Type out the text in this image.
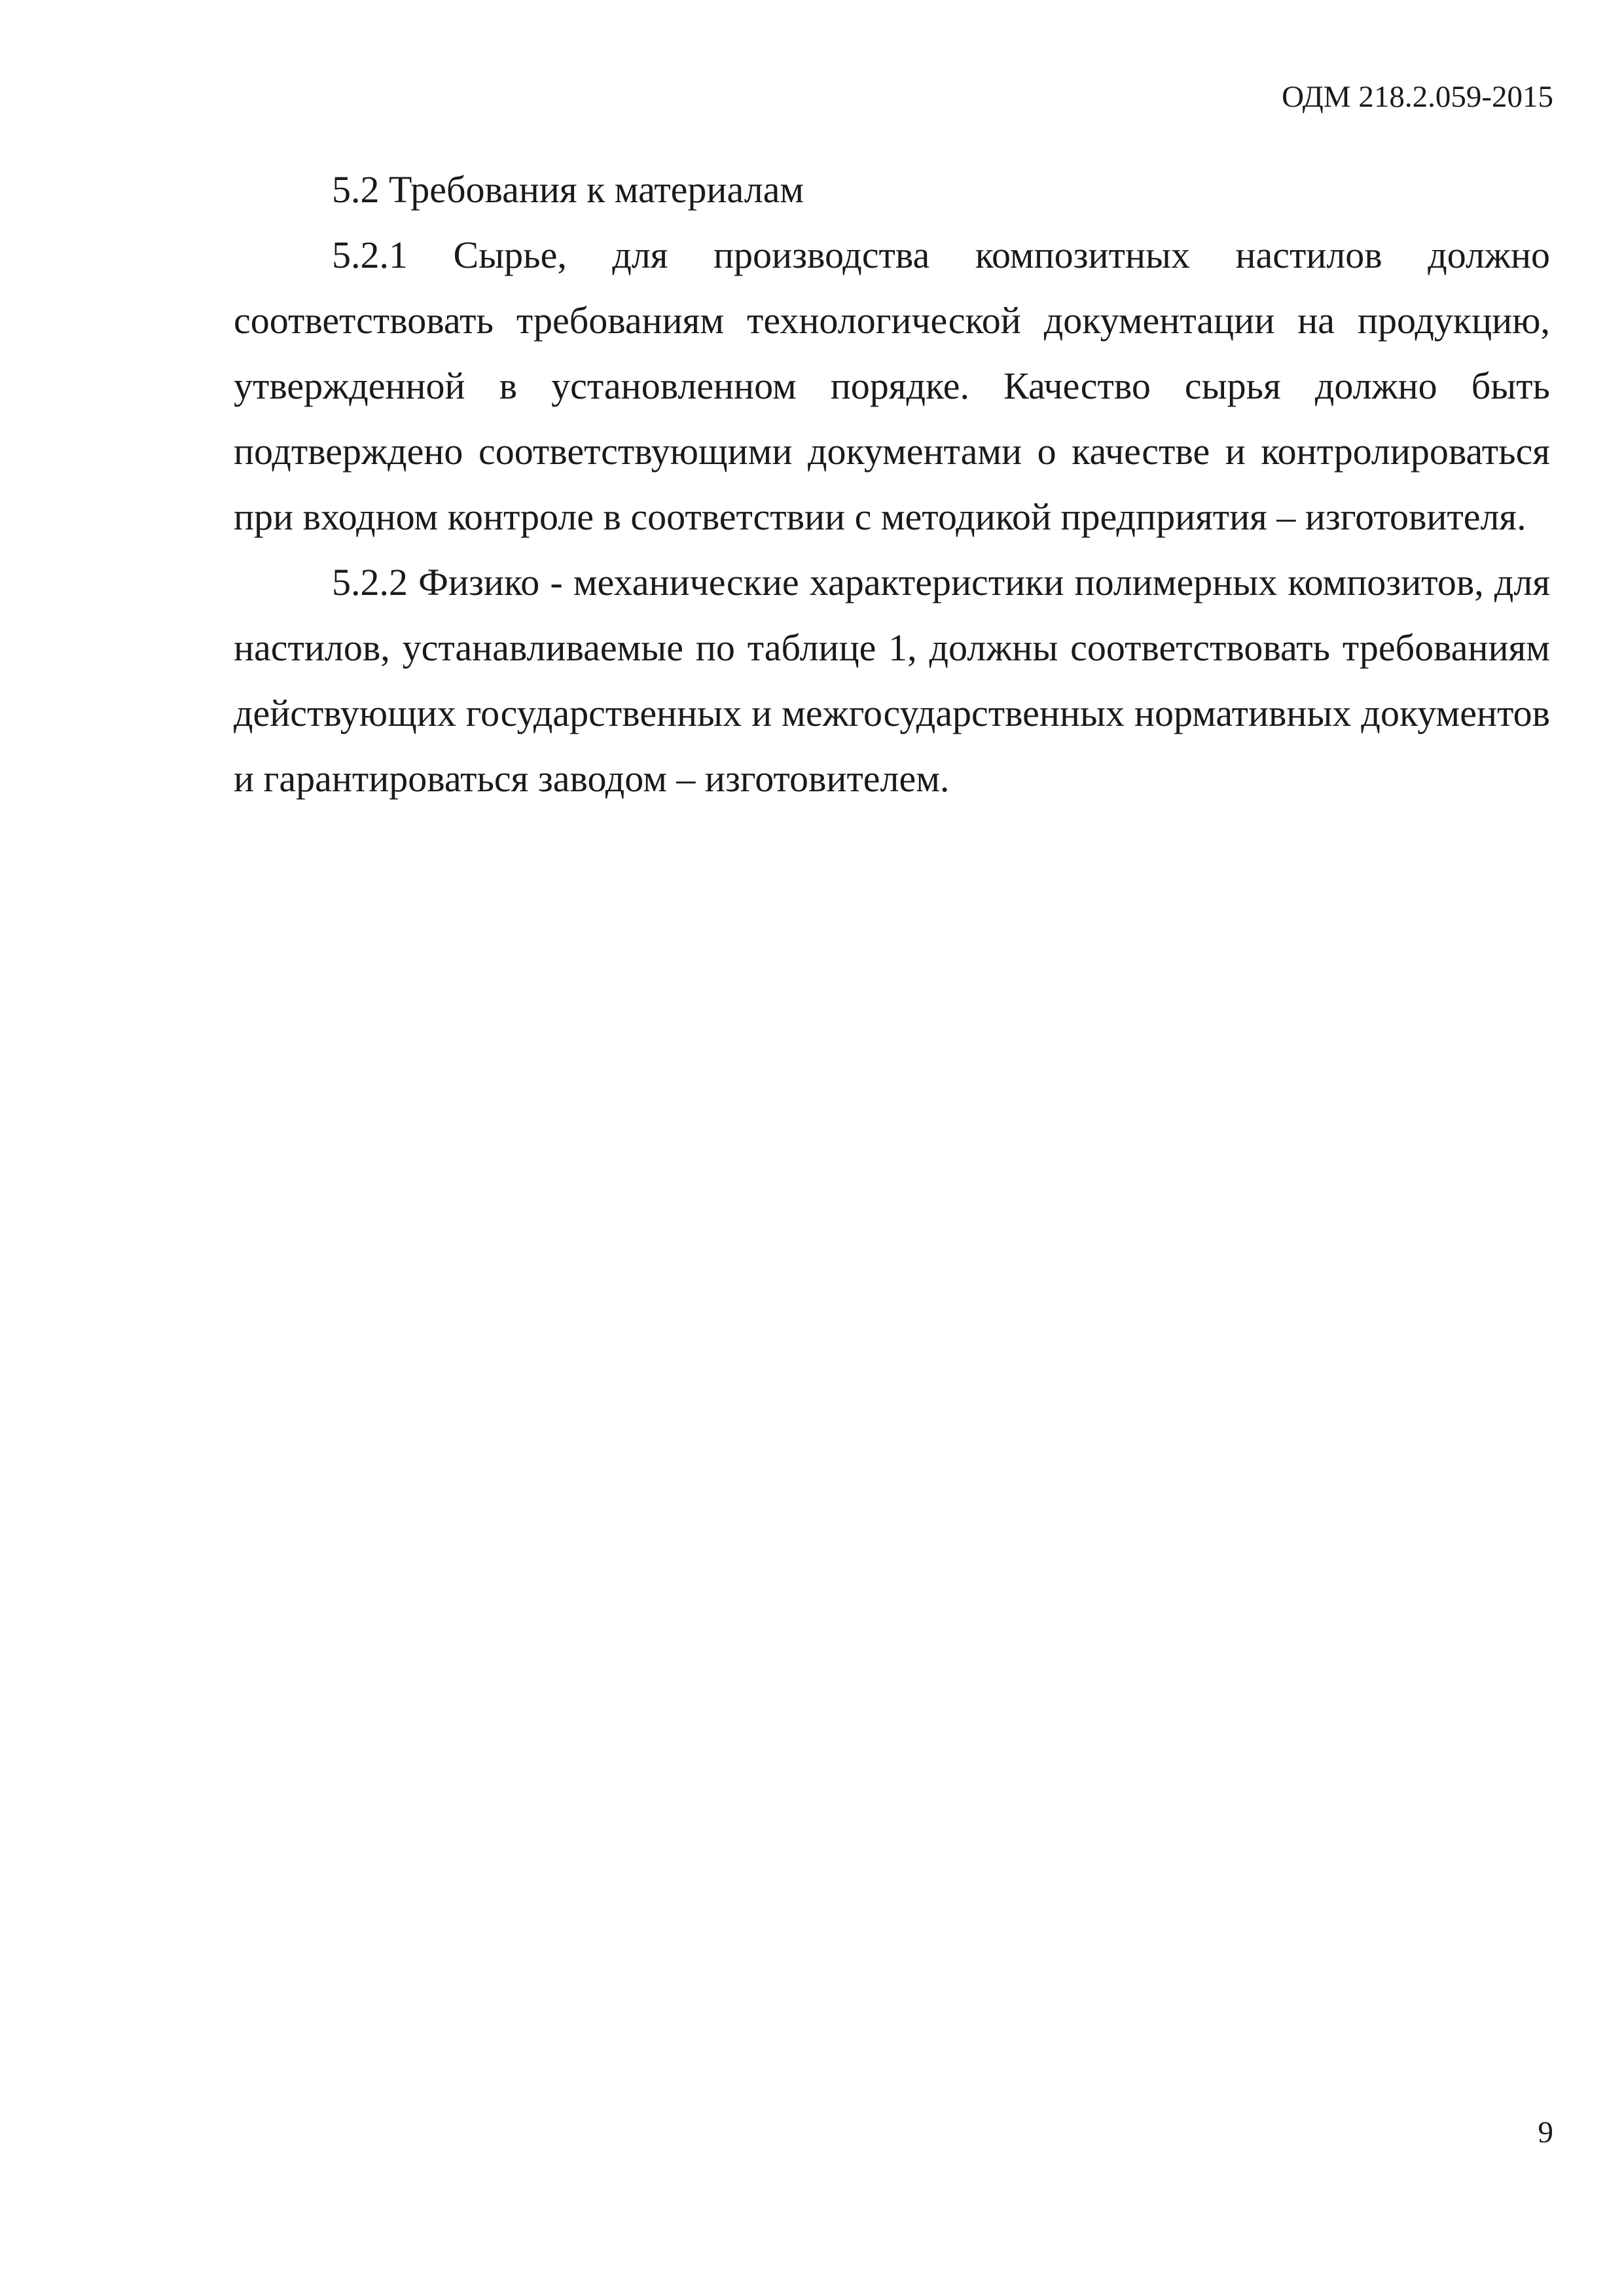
ОДМ 218.2.059-2015

5.2 Требования к материалам

5.2.1 Сырье, для производства композитных настилов должно соответствовать требованиям технологической документации на продукцию, утвержденной в установленном порядке. Качество сырья должно быть подтверждено соответствующими документами о качестве и контролироваться при входном контроле в соответствии с методикой предприятия – изготовителя.

5.2.2 Физико - механические характеристики полимерных композитов, для настилов, устанавливаемые по таблице 1, должны соответствовать требованиям действующих государственных и межгосударственных нормативных документов и гарантироваться заводом – изготовителем.

9
